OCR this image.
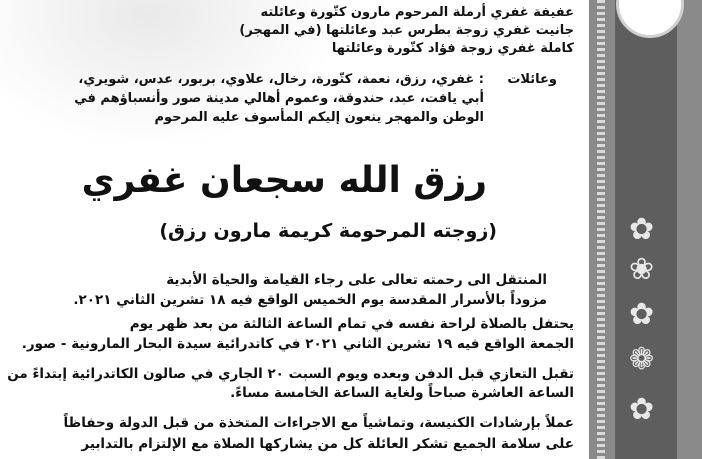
✿
❀
✿
❁
✿
عفيفة غفري أرملة المرحوم مارون كتّورة وعائلته
جانيت غفري زوجة بطرس عبد وعائلتها (في المهجر)
كاملة غفري زوجة فؤاد كتّورة وعائلتها
وعائلات
: غفري، رزق، نعمة، كتّورة، رخال، علاوي، بربور، عدس، شويري،
أبي يافت، عبد، حندوقة، وعموم أهالي مدينة صور وأنسباؤهم في
الوطن والمهجر ينعون إليكم المأسوف عليه المرحوم
رزق الله سجعان غفري
(زوجته المرحومة كريمة مارون رزق)
المنتقل الى رحمته تعالى على رجاء القيامة والحياة الأبدية
مزوداً بالأسرار المقدسة يوم الخميس الواقع فيه ١٨ تشرين الثاني ٢٠٢١.
يحتفل بالصلاة لراحة نفسه في تمام الساعة الثالثة من بعد ظهر يوم
الجمعة الواقع فيه ١٩ تشرين الثاني ٢٠٢١ في كاتدرائية سيدة البحار المارونية - صور.
تقبل التعازي قبل الدفن وبعده ويوم السبت ٢٠ الجاري في صالون الكاتدرائية إبتداءً من
الساعة العاشرة صباحاً ولغاية الساعة الخامسة مساءً.
عملاً بإرشادات الكنيسة، وتماشياً مع الاجراءات المتخذة من قبل الدولة وحفاظاً
على سلامة الجميع تشكر العائلة كل من يشاركها الصلاة مع الإلتزام بالتدابير
